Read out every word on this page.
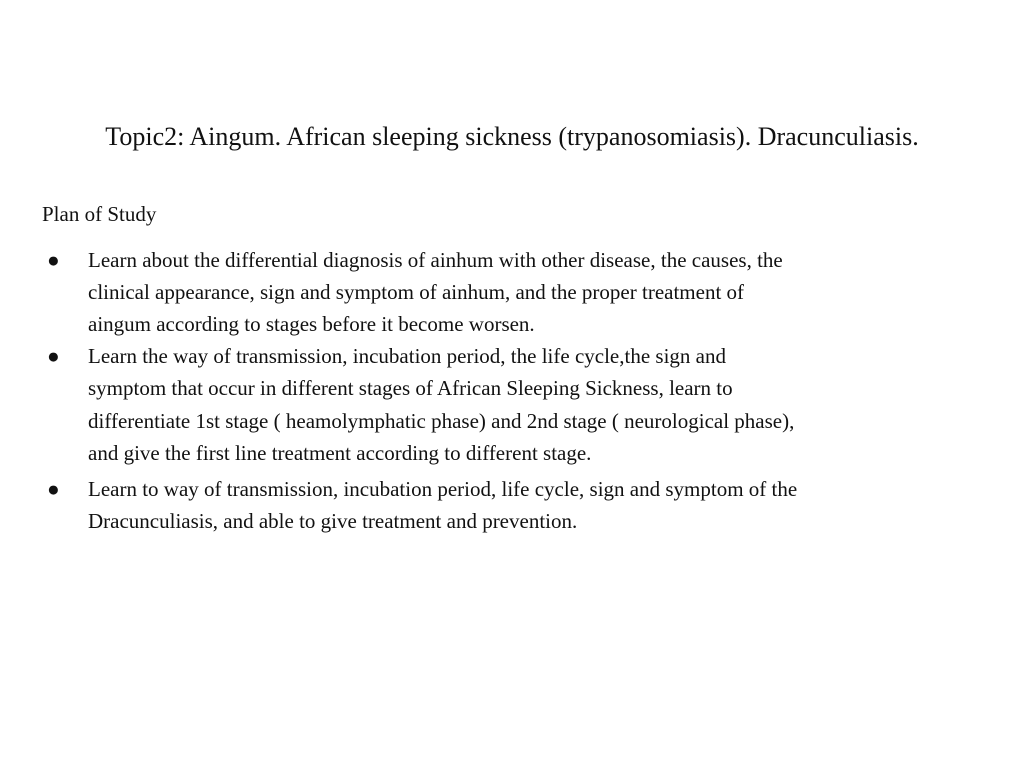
Topic2: Aingum. African sleeping sickness (trypanosomiasis). Dracunculiasis.
Plan of Study
● Learn about the differential diagnosis of ainhum with other disease, the causes, the
clinical appearance, sign and symptom of ainhum, and the proper treatment of
aingum according to stages before it become worsen.
● Learn the way of transmission, incubation period, the life cycle,the sign and
symptom that occur in different stages of African Sleeping Sickness, learn to
differentiate 1st stage ( heamolymphatic phase) and 2nd stage ( neurological phase),
and give the first line treatment according to different stage.
● Learn to way of transmission, incubation period, life cycle, sign and symptom of the
Dracunculiasis, and able to give treatment and prevention.
